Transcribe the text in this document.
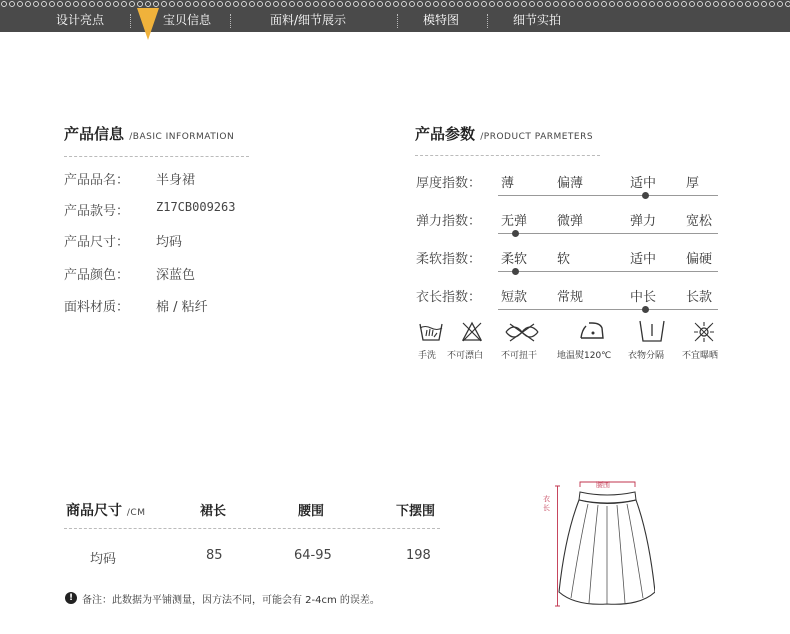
设计亮点	宝贝信息	面料/细节展示	模特图	细节实拍
产品信息 /BASIC INFORMATION
产品品名： 半身裙
产品款号： Z17CB009263
产品尺寸： 均码
产品颜色： 深蓝色
面料材质： 棉 / 粘纤
产品参数 /PRODUCT PARMETERS
厚度指数： 薄	偏薄	适中 厚
弹力指数： 无弹 微弹	弹力 宽松
柔软指数： 柔软 软	适中 偏硬
衣长指数： 短款 常规	中长 长款
手洗 不可漂白 不可扭干 地温熨120℃ 衣物分隔 不宜曝晒
商品尺寸 /CM	裙长	腰围	下摆围
均码	85	64-95	198
! 备注：此数据为平铺测量，因方法不同，可能会有 2-4cm 的误差。
腰围
衣长
